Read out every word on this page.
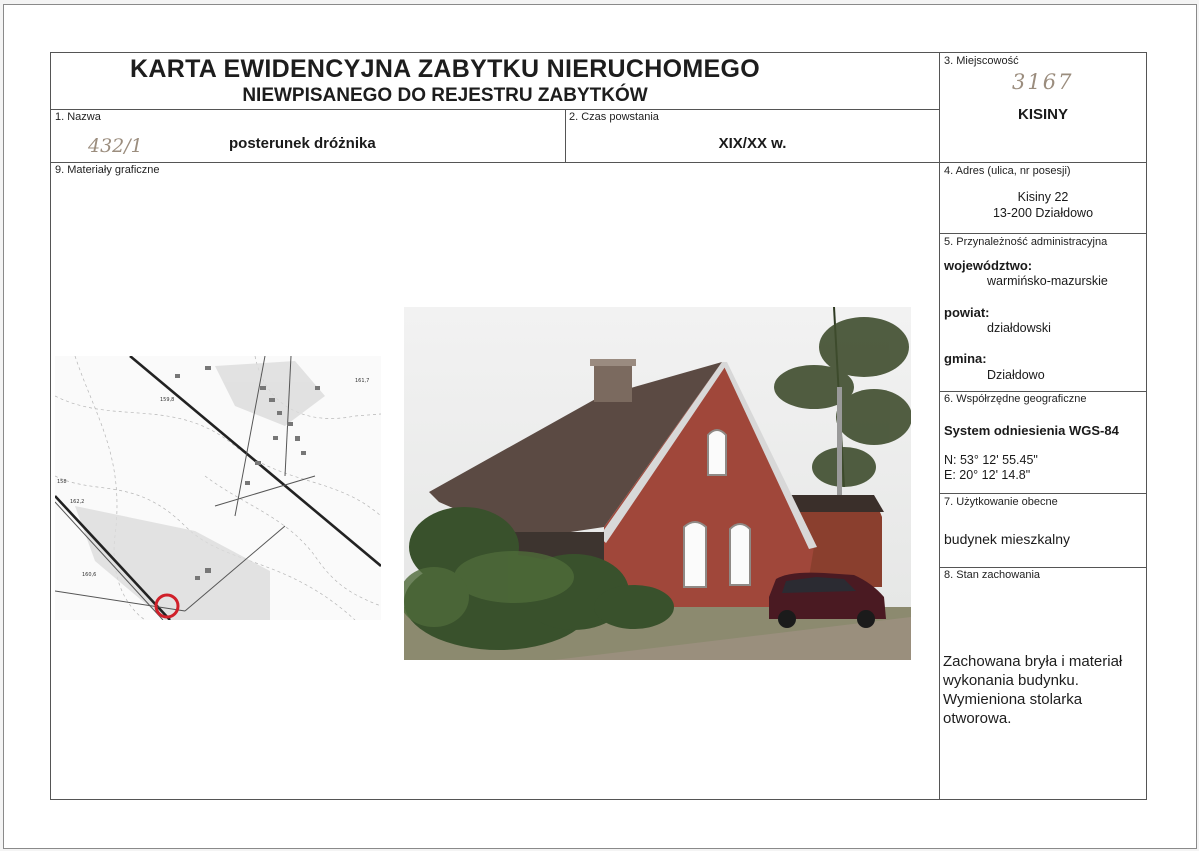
KARTA EWIDENCYJNA ZABYTKU NIERUCHOMEGO
NIEWPISANEGO DO REJESTRU ZABYTKÓW
1. Nazwa
432/1	posterunek dróżnika
2. Czas powstania
XIX/XX w.
3. Miejscowość
3167
KISINY
4. Adres (ulica, nr posesji)
Kisiny 22
13-200 Działdowo
5. Przynależność administracyjna
województwo:
warmińsko-mazurskie
powiat:
działdowski
gmina:
Działdowo
6. Współrzędne geograficzne
System odniesienia WGS-84
N: 53° 12' 55.45"
E: 20° 12' 14.8"
7. Użytkowanie obecne
budynek mieszkalny
8. Stan zachowania
Zachowana bryła i materiał wykonania budynku. Wymieniona stolarka otworowa.
9. Materiały graficzne
161,7
159,8
162,2
160,6
158
